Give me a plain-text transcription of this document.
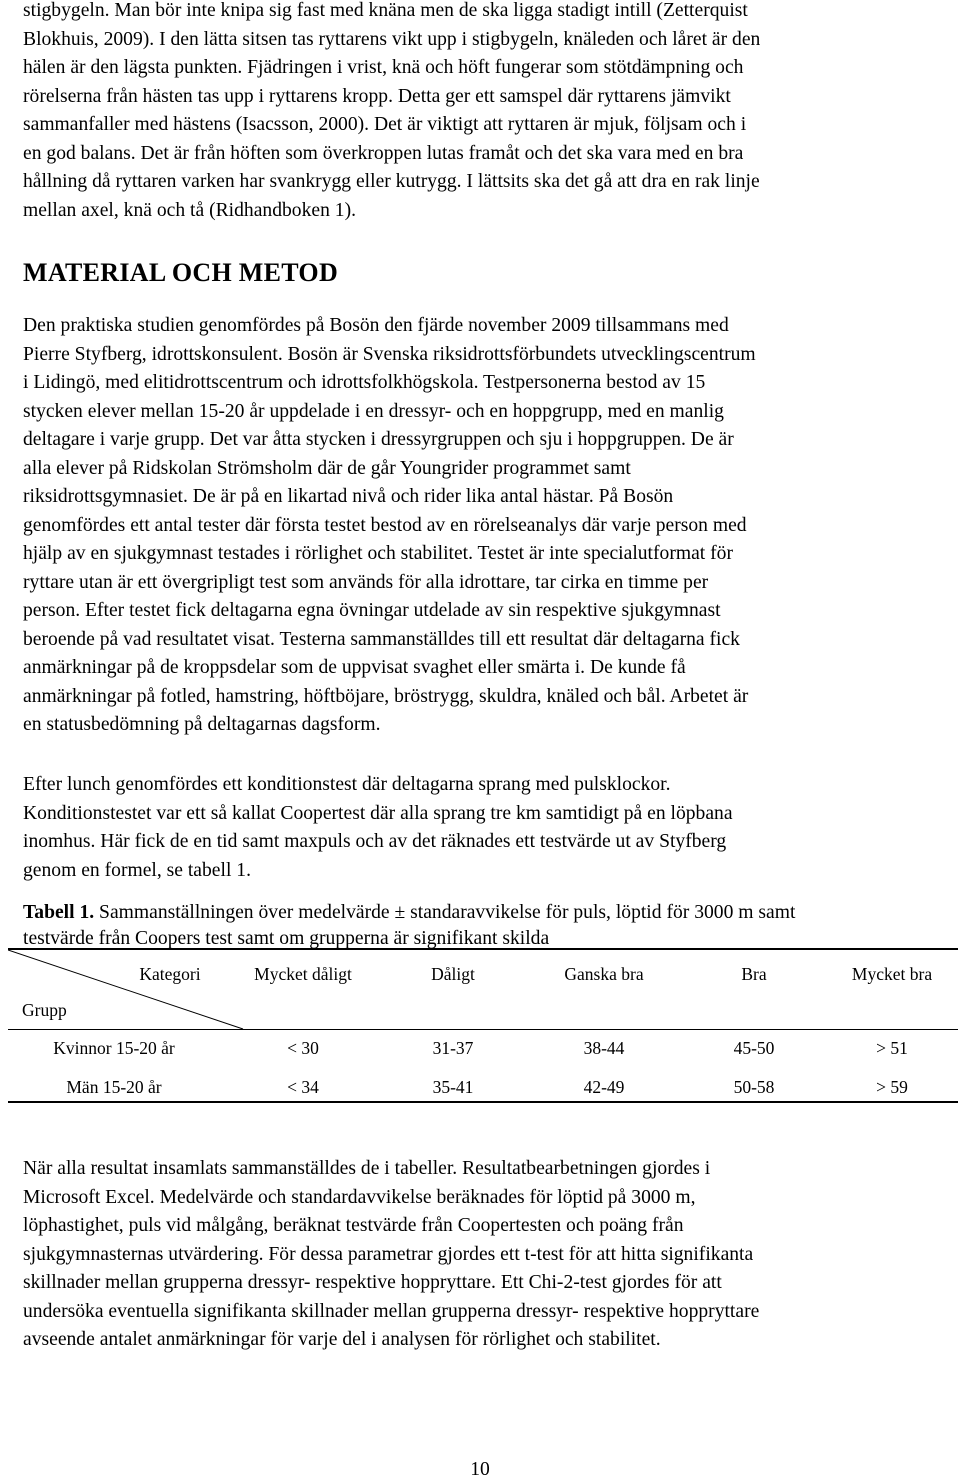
stigbygeln. Man bör inte knipa sig fast med knäna men de ska ligga stadigt intill (Zetterquist
Blokhuis, 2009). I den lätta sitsen tas ryttarens vikt upp i stigbygeln, knäleden och låret är den
hälen är den lägsta punkten. Fjädringen i vrist, knä och höft fungerar som stötdämpning och
rörelserna från hästen tas upp i ryttarens kropp. Detta ger ett samspel där ryttarens jämvikt
sammanfaller med hästens (Isacsson, 2000). Det är viktigt att ryttaren är mjuk, följsam och i
en god balans. Det är från höften som överkroppen lutas framåt och det ska vara med en bra
hållning då ryttaren varken har svankrygg eller kutrygg. I lättsits ska det gå att dra en rak linje
mellan axel, knä och tå (Ridhandboken 1).

MATERIAL OCH METOD

Den praktiska studien genomfördes på Bosön den fjärde november 2009 tillsammans med
Pierre Styfberg, idrottskonsulent. Bosön är Svenska riksidrottsförbundets utvecklingscentrum
i Lidingö, med elitidrottscentrum och idrottsfolkhögskola. Testpersonerna bestod av 15
stycken elever mellan 15-20 år uppdelade i en dressyr- och en hoppgrupp, med en manlig
deltagare i varje grupp. Det var åtta stycken i dressyrgruppen och sju i hoppgruppen. De är
alla elever på Ridskolan Strömsholm där de går Youngrider programmet samt
riksidrottsgymnasiet. De är på en likartad nivå och rider lika antal hästar. På Bosön
genomfördes ett antal tester där första testet bestod av en rörelseanalys där varje person med
hjälp av en sjukgymnast testades i rörlighet och stabilitet. Testet är inte specialutformat för
ryttare utan är ett övergripligt test som används för alla idrottare, tar cirka en timme per
person. Efter testet fick deltagarna egna övningar utdelade av sin respektive sjukgymnast
beroende på vad resultatet visat. Testerna sammanställdes till ett resultat där deltagarna fick
anmärkningar på de kroppsdelar som de uppvisat svaghet eller smärta i. De kunde få
anmärkningar på fotled, hamstring, höftböjare, bröstrygg, skuldra, knäled och bål. Arbetet är
en statusbedömning på deltagarnas dagsform.

Efter lunch genomfördes ett konditionstest där deltagarna sprang med pulsklockor.
Konditionstestet var ett så kallat Coopertest där alla sprang tre km samtidigt på en löpbana
inomhus. Här fick de en tid samt maxpuls och av det räknades ett testvärde ut av Styfberg
genom en formel, se tabell 1.

Tabell 1. Sammanställningen över medelvärde ± standaravvikelse för puls, löptid för 3000 m samt
testvärde från Coopers test samt om grupperna är signifikant skilda
Kategori
Grupp
Mycket dåligt	Dåligt	Ganska bra	Bra	Mycket bra
Kvinnor 15-20 år	< 30	31-37	38-44	45-50	> 51
Män 15-20 år	< 34	35-41	42-49	50-58	> 59

När alla resultat insamlats sammanställdes de i tabeller. Resultatbearbetningen gjordes i
Microsoft Excel. Medelvärde och standardavvikelse beräknades för löptid på 3000 m,
löphastighet, puls vid målgång, beräknat testvärde från Coopertesten och poäng från
sjukgymnasternas utvärdering. För dessa parametrar gjordes ett t-test för att hitta signifikanta
skillnader mellan grupperna dressyr- respektive hoppryttare. Ett Chi-2-test gjordes för att
undersöka eventuella signifikanta skillnader mellan grupperna dressyr- respektive hoppryttare
avseende antalet anmärkningar för varje del i analysen för rörlighet och stabilitet.

10
